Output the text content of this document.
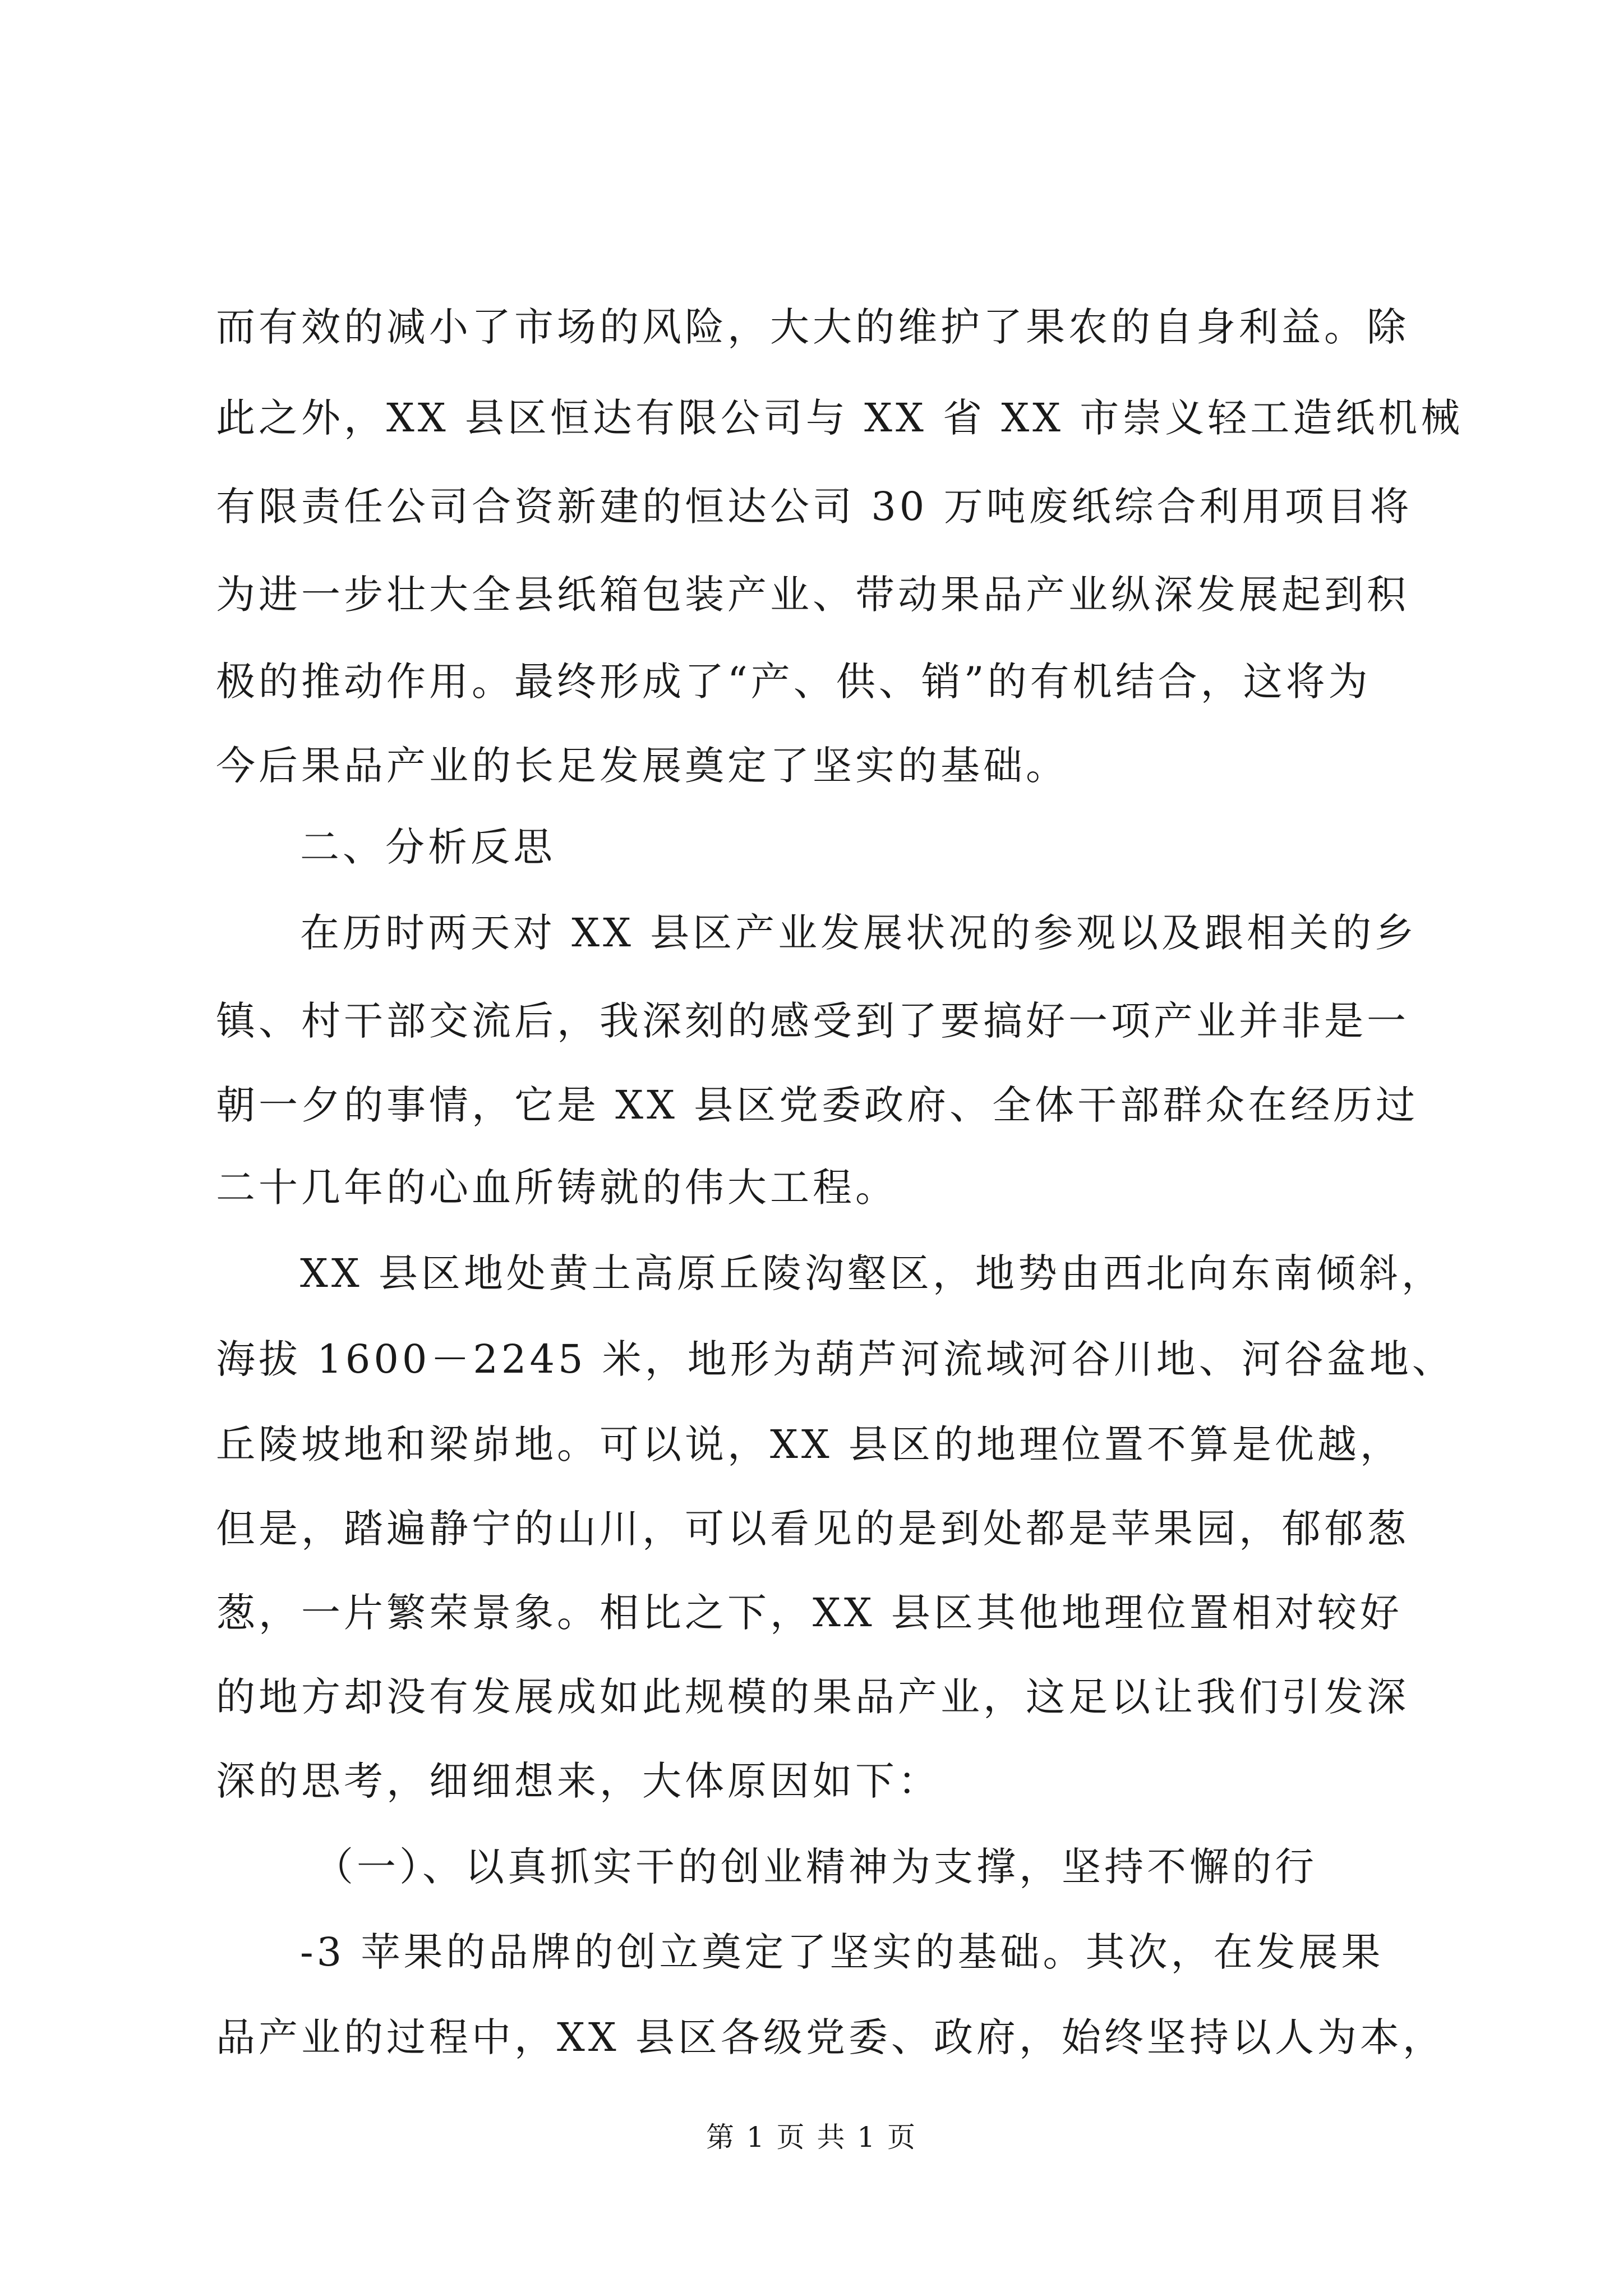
而有效的减小了市场的风险，大大的维护了果农的自身利益。除
此之外，XX 县区恒达有限公司与 XX 省 XX 市崇义轻工造纸机械
有限责任公司合资新建的恒达公司 30 万吨废纸综合利用项目将
为进一步壮大全县纸箱包装产业、带动果品产业纵深发展起到积
极的推动作用。最终形成了“产、供、销”的有机结合，这将为
今后果品产业的长足发展奠定了坚实的基础。
二、分析反思
在历时两天对 XX 县区产业发展状况的参观以及跟相关的乡
镇、村干部交流后，我深刻的感受到了要搞好一项产业并非是一
朝一夕的事情，它是 XX 县区党委政府、全体干部群众在经历过
二十几年的心血所铸就的伟大工程。
XX 县区地处黄土高原丘陵沟壑区，地势由西北向东南倾斜，
海拔 1600－2245 米，地形为葫芦河流域河谷川地、河谷盆地、
丘陵坡地和梁峁地。可以说，XX 县区的地理位置不算是优越，
但是，踏遍静宁的山川，可以看见的是到处都是苹果园，郁郁葱
葱，一片繁荣景象。相比之下，XX 县区其他地理位置相对较好
的地方却没有发展成如此规模的果品产业，这足以让我们引发深
深的思考，细细想来，大体原因如下：
（一）、以真抓实干的创业精神为支撑，坚持不懈的行
-3 苹果的品牌的创立奠定了坚实的基础。其次，在发展果
品产业的过程中，XX 县区各级党委、政府，始终坚持以人为本，
第 1 页 共 1 页
